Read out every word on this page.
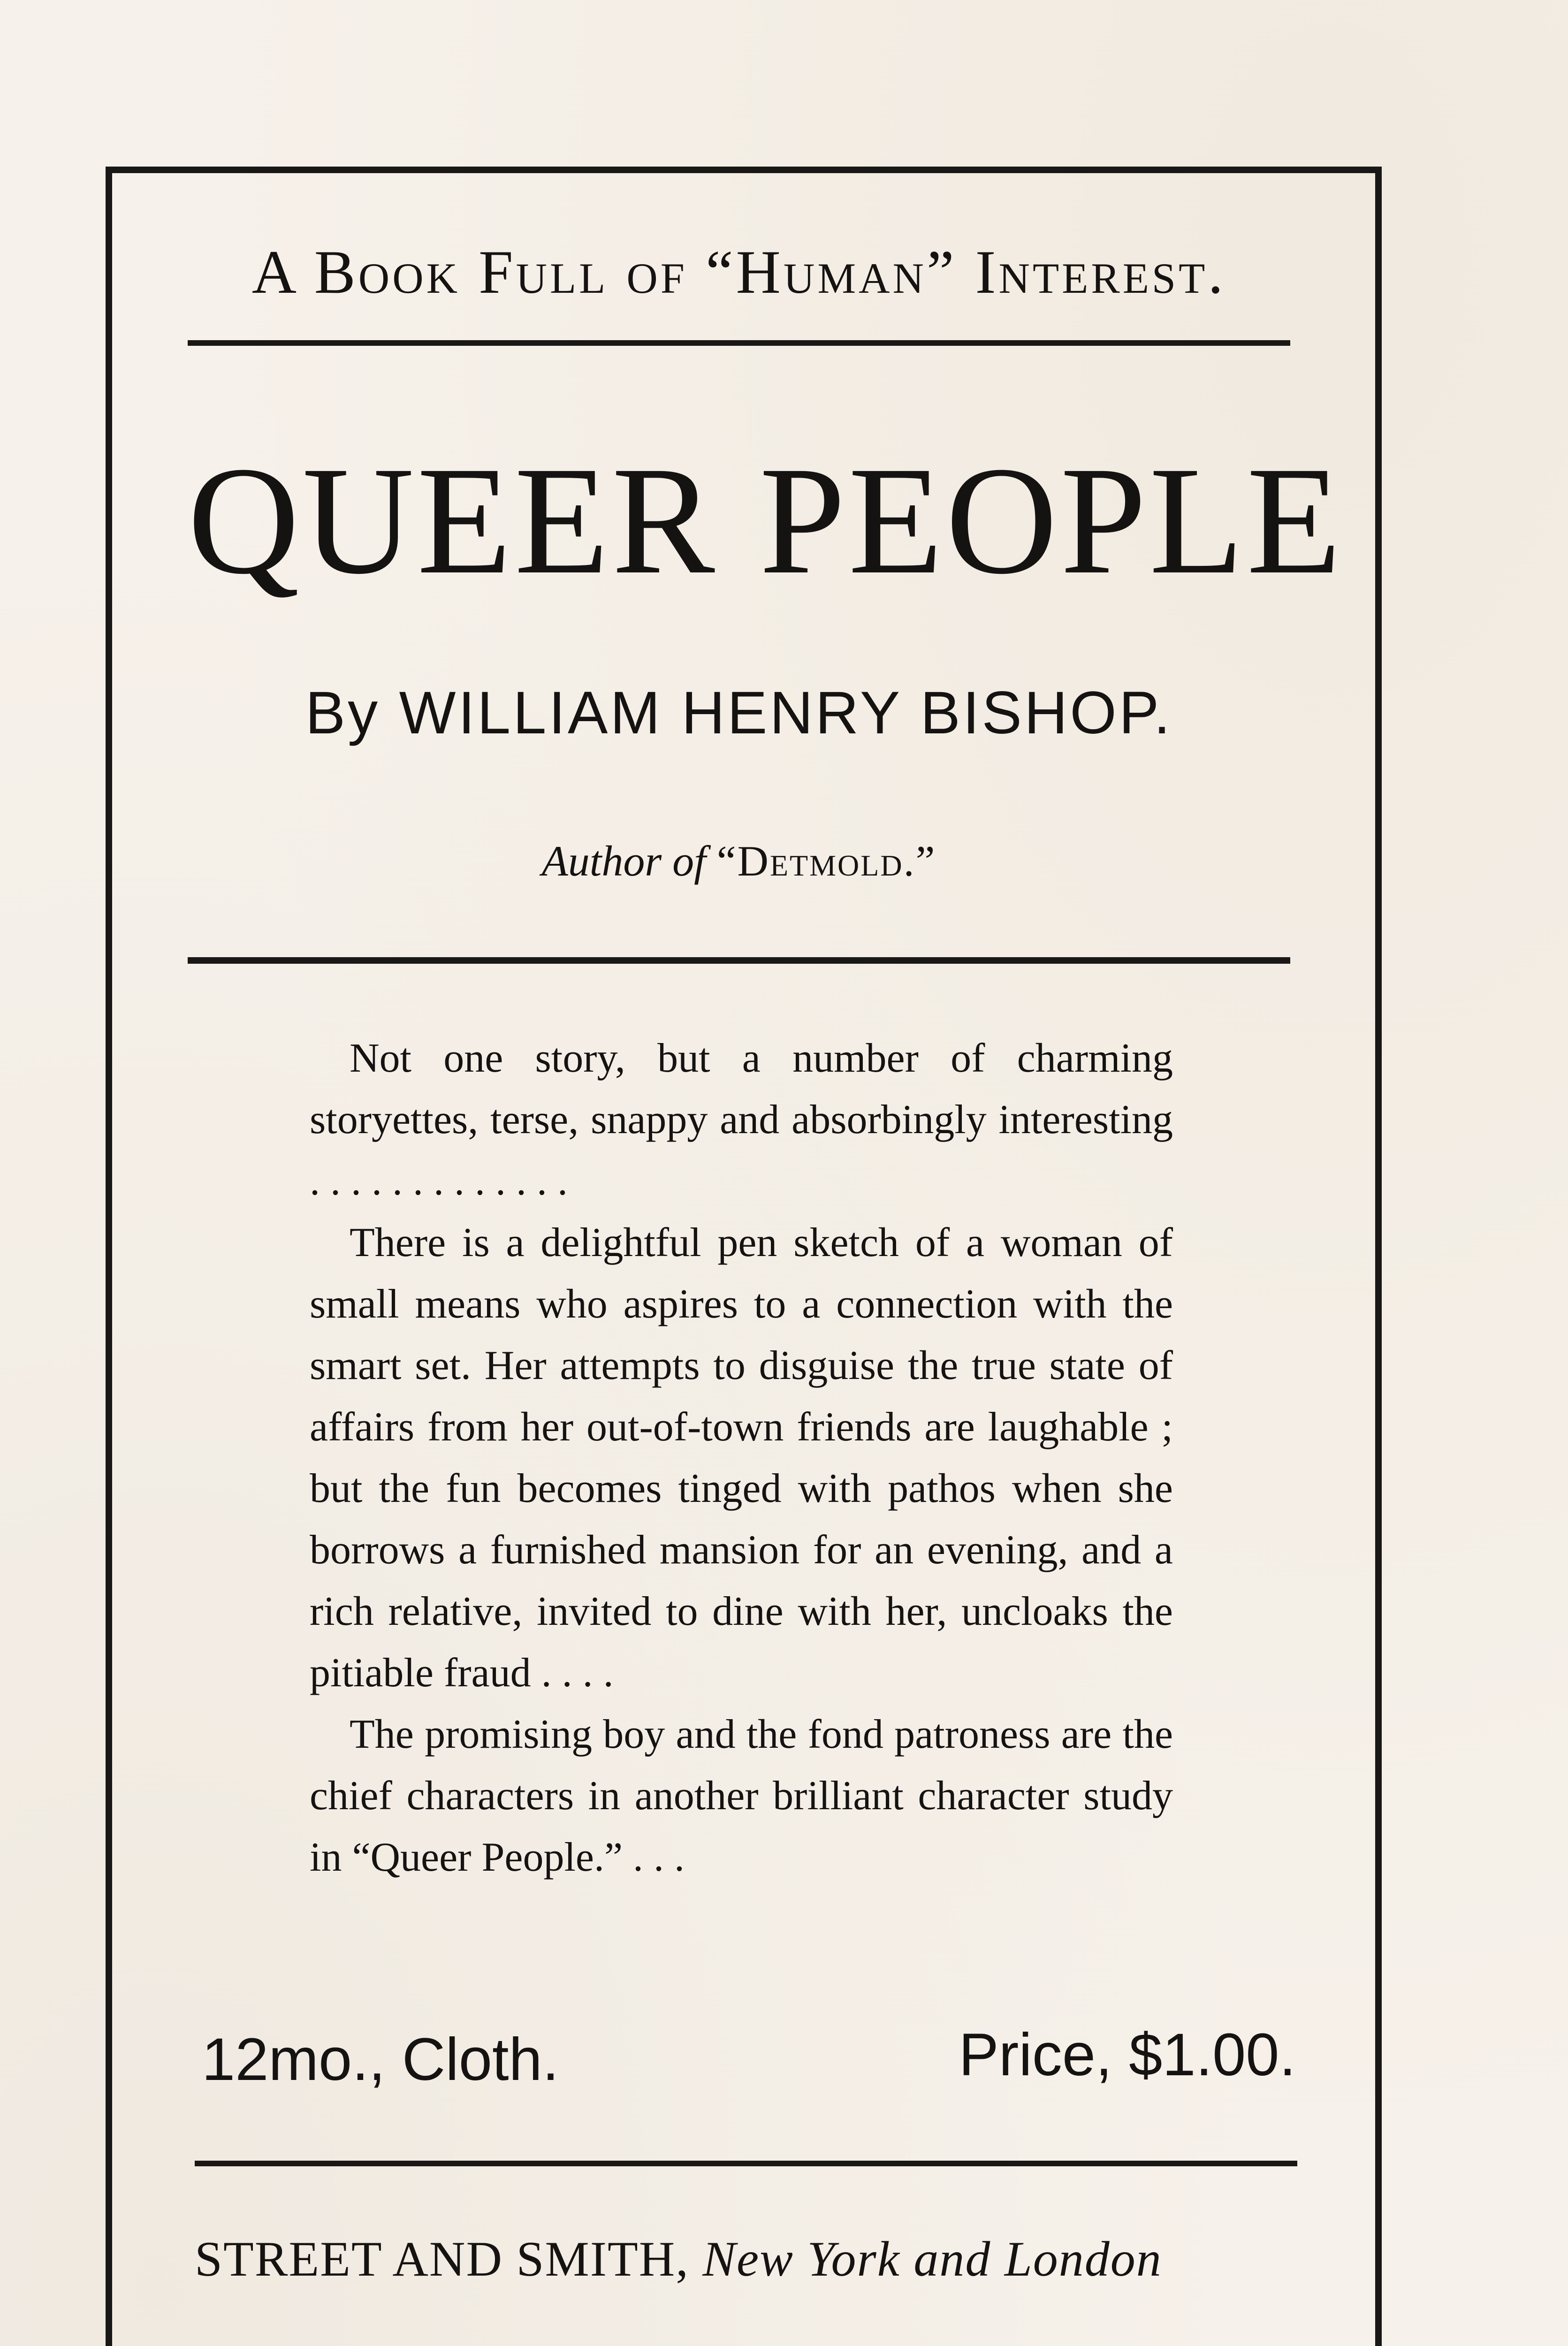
A Book Full of “Human” Interest.
QUEER PEOPLE
By WILLIAM HENRY BISHOP.
Author of “Detmold.”

Not one story, but a number of charming storyettes, terse, snappy and absorbingly interesting . . . . . . . . . . . . .

There is a delightful pen sketch of a woman of small means who aspires to a connection with the smart set. Her attempts to disguise the true state of affairs from her out-of-town friends are laughable ; but the fun becomes tinged with pathos when she borrows a furnished mansion for an evening, and a rich relative, invited to dine with her, uncloaks the pitiable fraud . . . .

The promising boy and the fond patroness are the chief characters in another brilliant character study in “Queer People.” . . .

12mo., Cloth.	Price, $1.00.
STREET AND SMITH, New York and London
